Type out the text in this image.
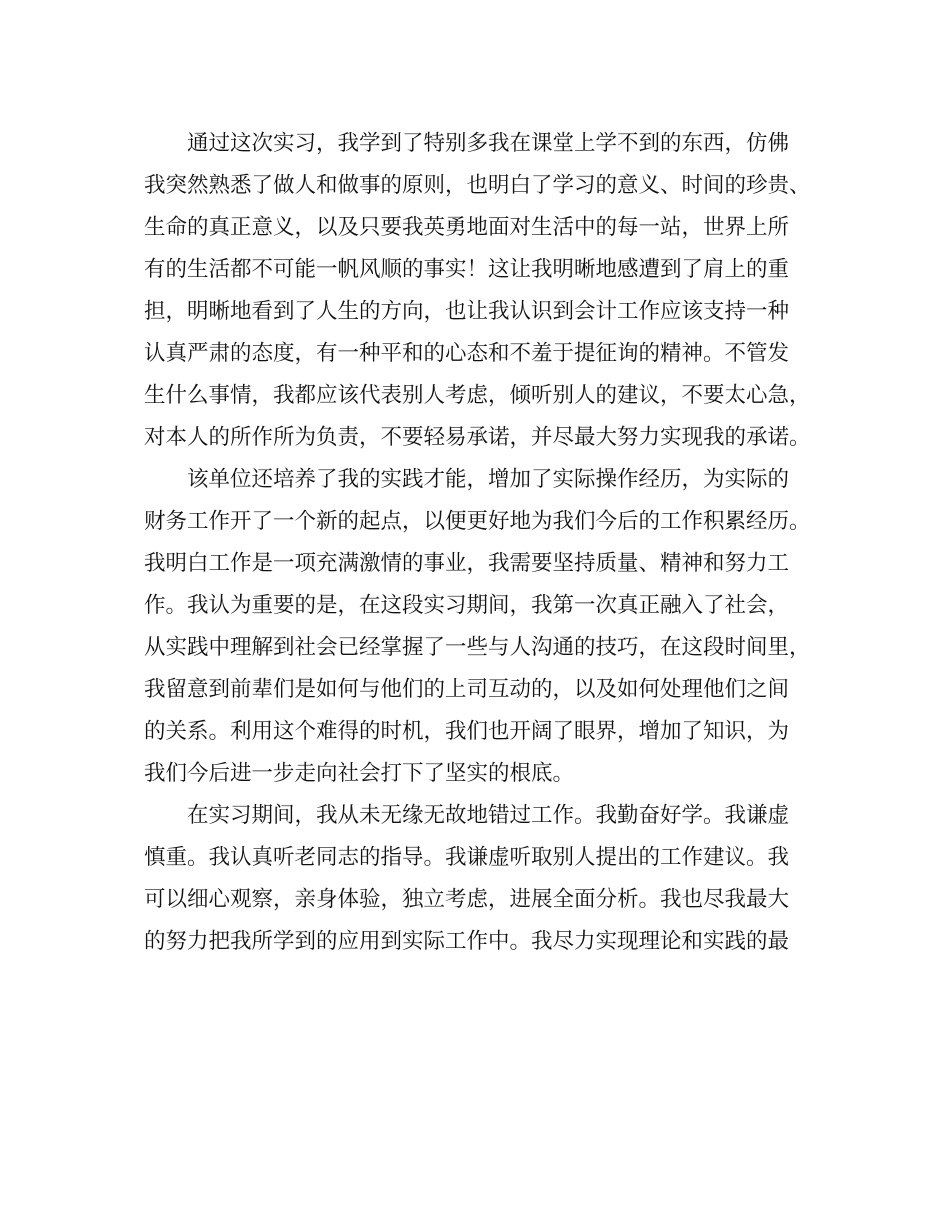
通过这次实习，我学到了特别多我在课堂上学不到的东西，仿佛

我突然熟悉了做人和做事的原则，也明白了学习的意义、时间的珍贵、

生命的真正意义，以及只要我英勇地面对生活中的每一站，世界上所

有的生活都不可能一帆风顺的事实！这让我明晰地感遭到了肩上的重

担，明晰地看到了人生的方向，也让我认识到会计工作应该支持一种

认真严肃的态度，有一种平和的心态和不羞于提征询的精神。不管发

生什么事情，我都应该代表别人考虑，倾听别人的建议，不要太心急，

对本人的所作所为负责，不要轻易承诺，并尽最大努力实现我的承诺。

该单位还培养了我的实践才能，增加了实际操作经历，为实际的

财务工作开了一个新的起点，以便更好地为我们今后的工作积累经历。

我明白工作是一项充满激情的事业，我需要坚持质量、精神和努力工

作。我认为重要的是，在这段实习期间，我第一次真正融入了社会，

从实践中理解到社会已经掌握了一些与人沟通的技巧，在这段时间里，

我留意到前辈们是如何与他们的上司互动的，以及如何处理他们之间

的关系。利用这个难得的时机，我们也开阔了眼界，增加了知识，为

我们今后进一步走向社会打下了坚实的根底。

在实习期间，我从未无缘无故地错过工作。我勤奋好学。我谦虚

慎重。我认真听老同志的指导。我谦虚听取别人提出的工作建议。我

可以细心观察，亲身体验，独立考虑，进展全面分析。我也尽我最大

的努力把我所学到的应用到实际工作中。我尽力实现理论和实践的最
